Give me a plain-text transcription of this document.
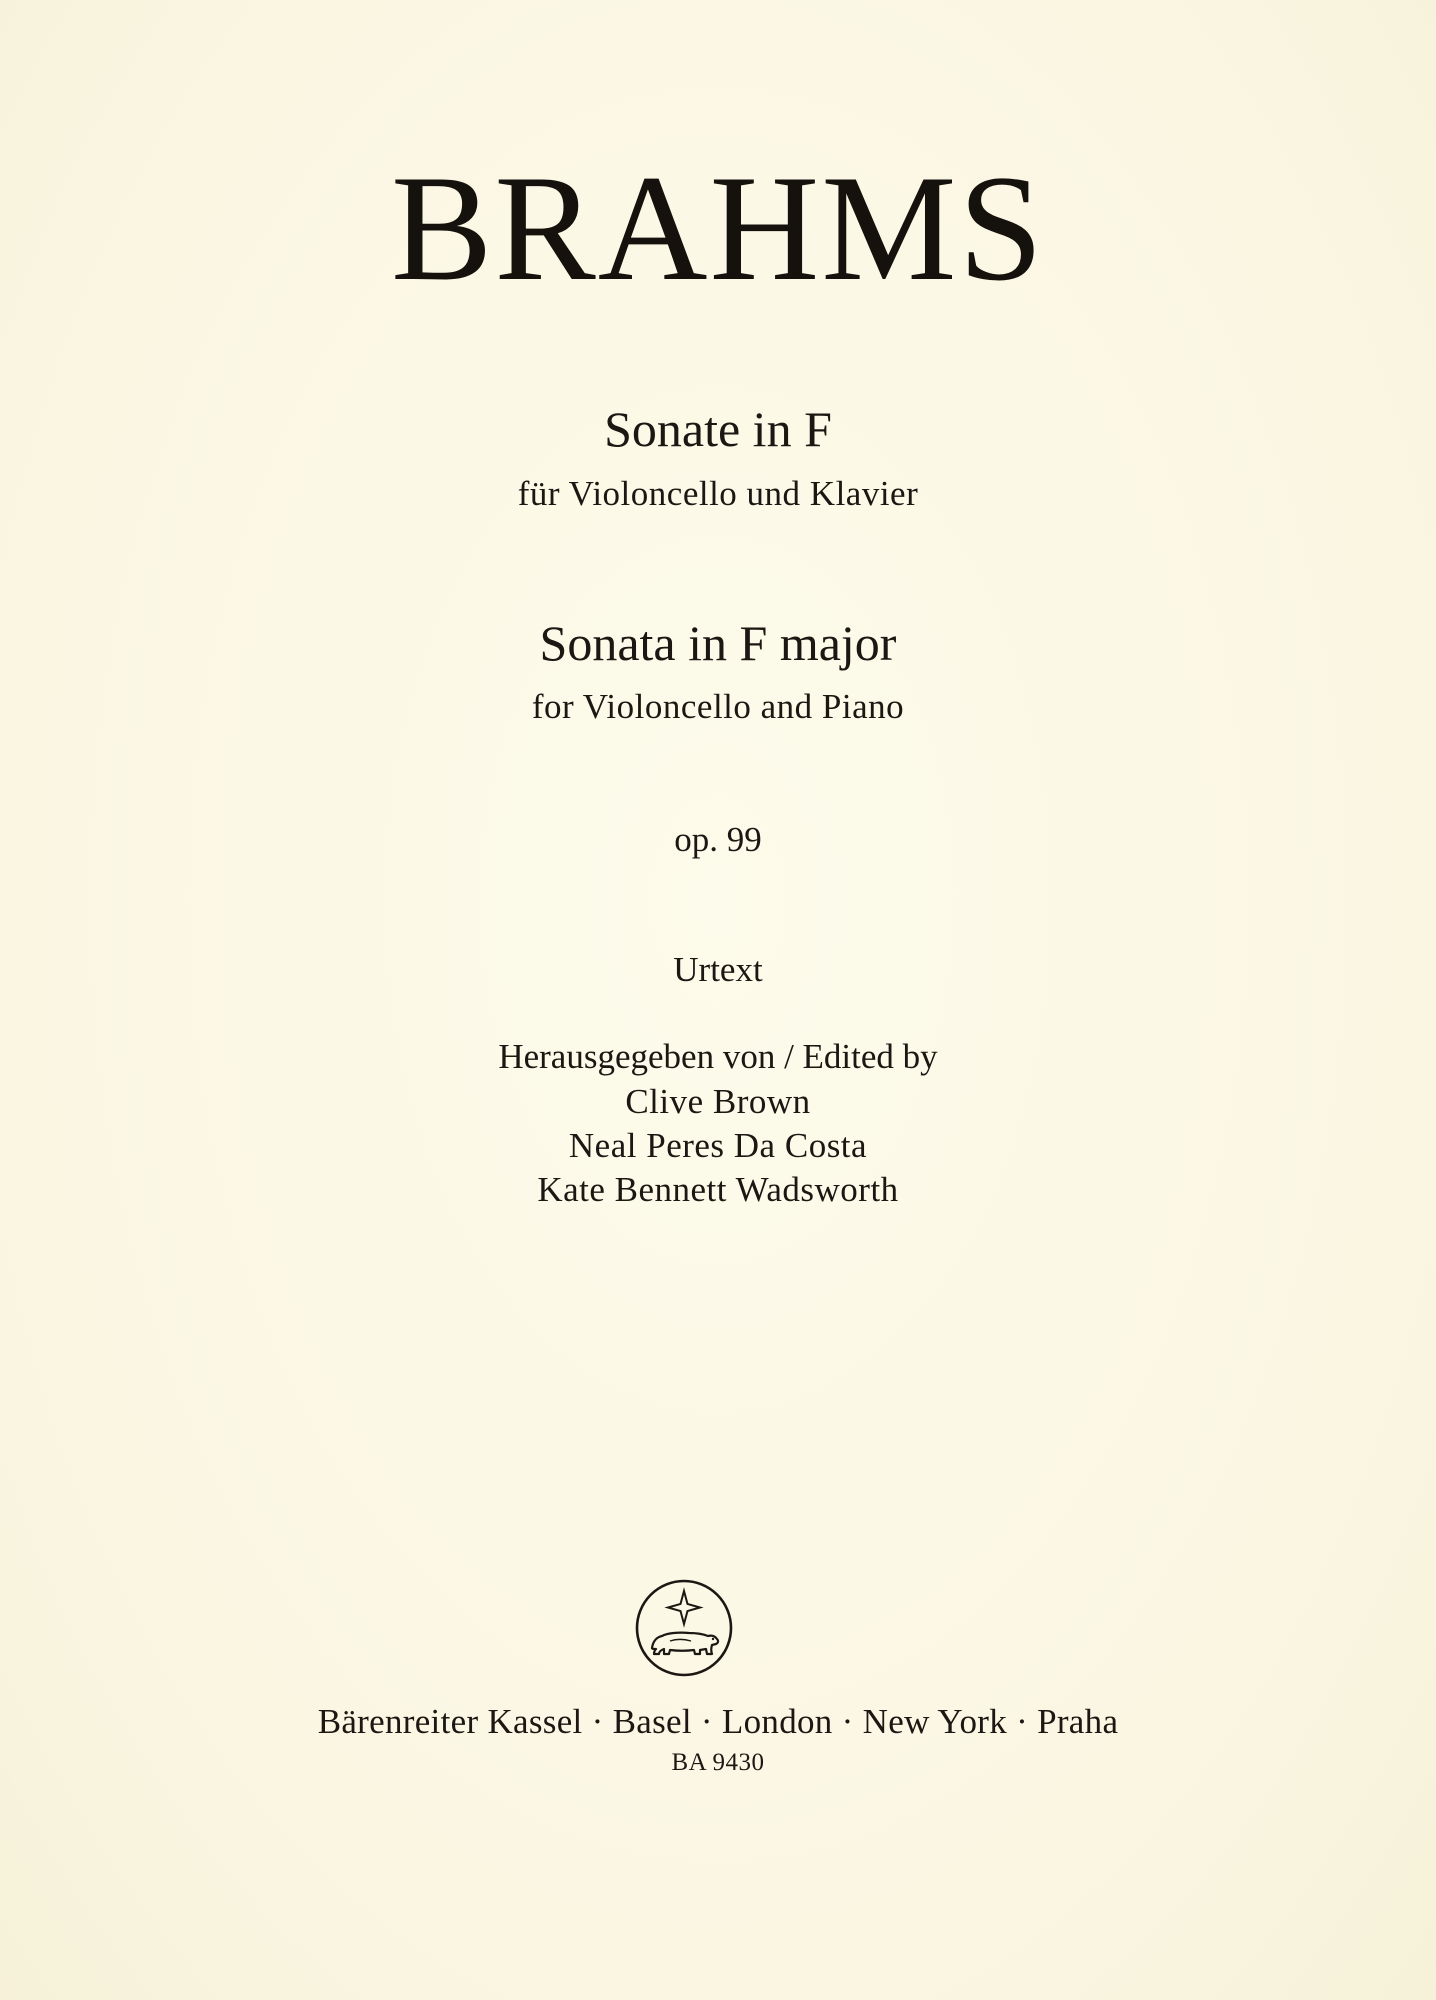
BRAHMS
Sonate in F
für Violoncello und Klavier
Sonata in F major
for Violoncello and Piano
op. 99
Urtext
Herausgegeben von / Edited by
Clive Brown
Neal Peres Da Costa
Kate Bennett Wadsworth
Bärenreiter Kassel · Basel · London · New York · Praha
BA 9430
